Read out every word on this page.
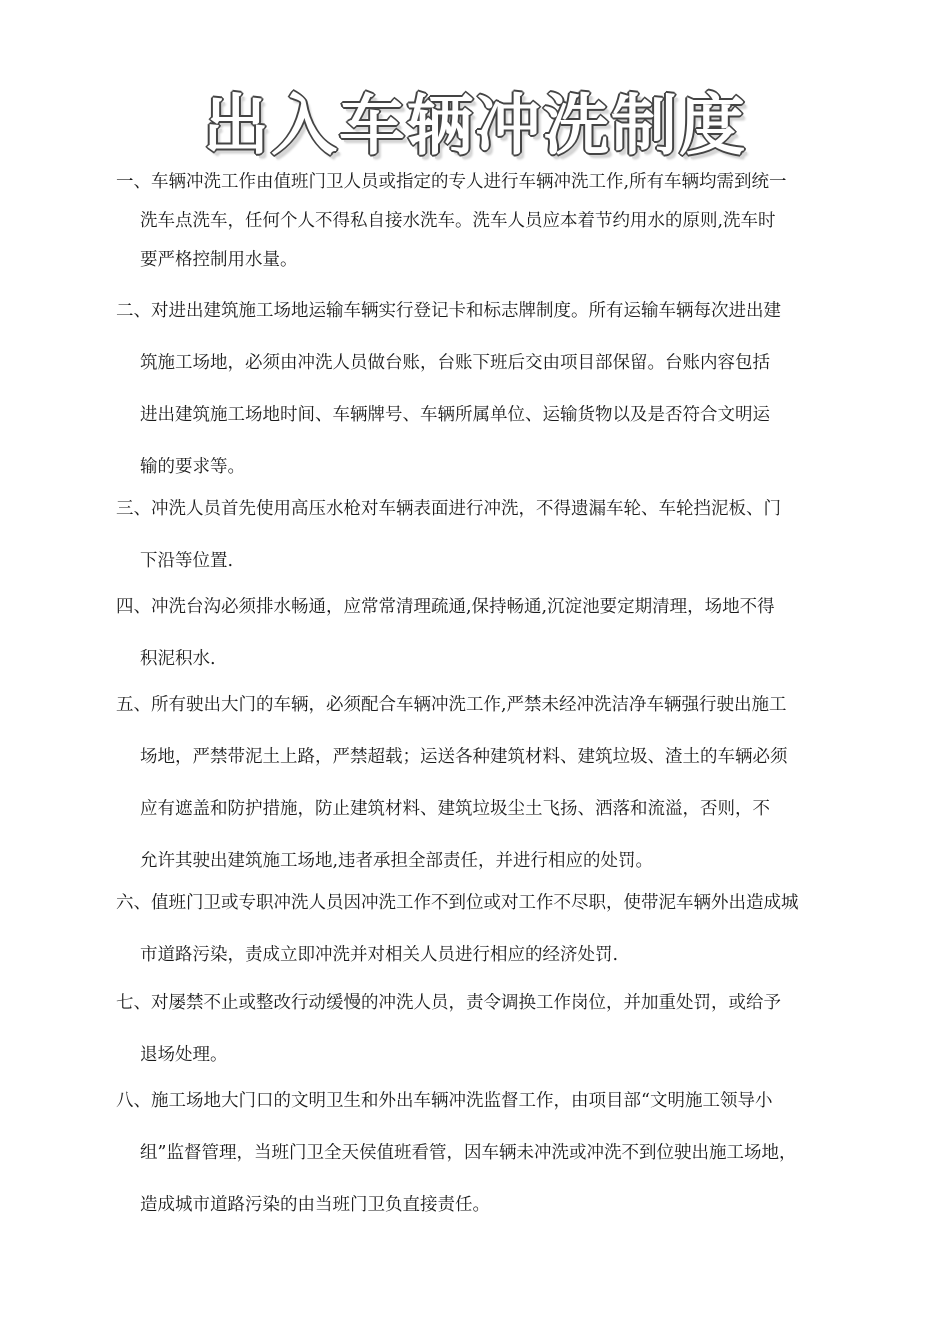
出入车辆冲洗制度
一、车辆冲洗工作由值班门卫人员或指定的专人进行车辆冲洗工作,所有车辆均需到统一
洗车点洗车，任何个人不得私自接水洗车。洗车人员应本着节约用水的原则,洗车时
要严格控制用水量。
二、对进出建筑施工场地运输车辆实行登记卡和标志牌制度。所有运输车辆每次进出建
筑施工场地，必须由冲洗人员做台账，台账下班后交由项目部保留。台账内容包括
进出建筑施工场地时间、车辆牌号、车辆所属单位、运输货物以及是否符合文明运
输的要求等。
三、冲洗人员首先使用高压水枪对车辆表面进行冲洗，不得遗漏车轮、车轮挡泥板、门
下沿等位置.
四、冲洗台沟必须排水畅通，应常常清理疏通,保持畅通,沉淀池要定期清理，场地不得
积泥积水.
五、所有驶出大门的车辆，必须配合车辆冲洗工作,严禁未经冲洗洁净车辆强行驶出施工
场地，严禁带泥土上路，严禁超载；运送各种建筑材料、建筑垃圾、渣土的车辆必须
应有遮盖和防护措施，防止建筑材料、建筑垃圾尘土飞扬、洒落和流溢，否则，不
允许其驶出建筑施工场地,违者承担全部责任，并进行相应的处罚。
六、值班门卫或专职冲洗人员因冲洗工作不到位或对工作不尽职，使带泥车辆外出造成城
市道路污染，责成立即冲洗并对相关人员进行相应的经济处罚.
七、对屡禁不止或整改行动缓慢的冲洗人员，责令调换工作岗位，并加重处罚，或给予
退场处理。
八、施工场地大门口的文明卫生和外出车辆冲洗监督工作，由项目部“文明施工领导小
组”监督管理，当班门卫全天侯值班看管，因车辆未冲洗或冲洗不到位驶出施工场地，
造成城市道路污染的由当班门卫负直接责任。
